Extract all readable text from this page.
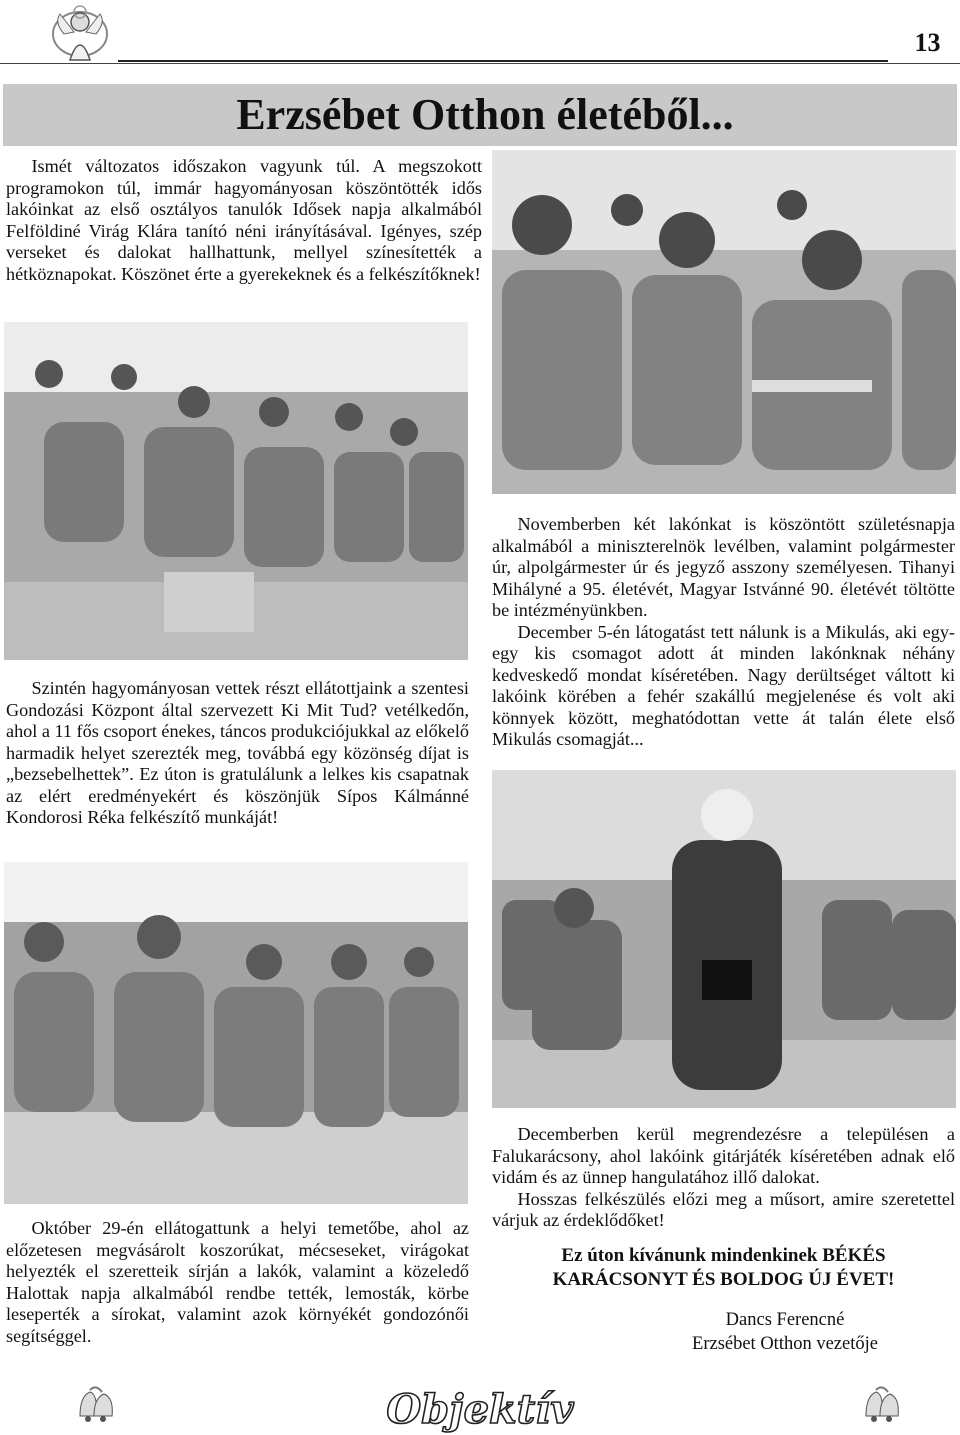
13
Erzsébet Otthon életéből...

Ismét változatos időszakon vagyunk túl. A megszokott programokon túl, immár hagyományosan köszöntötték idős lakóinkat az első osztályos tanulók Idősek napja alkalmából Felföldiné Virág Klára tanító néni irányításával. Igényes, szép verseket és dalokat hallhattunk, mellyel színesítették a hétköznapokat. Köszönet érte a gyerekeknek és a felkészítőknek!

Novemberben két lakónkat is köszöntött születésnapja alkalmából a miniszterelnök levélben, valamint polgármester úr, alpolgármester úr és jegyző asszony személyesen. Tihanyi Mihályné a 95. életévét, Magyar Istvánné 90. életévét töltötte be intézményünkben.

December 5-én látogatást tett nálunk is a Mikulás, aki egy-egy kis csomagot adott át minden lakónknak néhány kedveskedő mondat kíséretében. Nagy derültséget váltott ki lakóink körében a fehér szakállú megjelenése és volt aki könnyek között, meghatódottan vette át talán élete első Mikulás csomagját...

Szintén hagyományosan vettek részt ellátottjaink a szentesi Gondozási Központ által szervezett Ki Mit Tud? vetélkedőn, ahol a 11 fős csoport énekes, táncos produkciójukkal az előkelő harmadik helyet szerezték meg, továbbá egy közönség díjat is „bezsebelhettek”. Ez úton is gratulálunk a lelkes kis csapatnak az elért eredményekért és köszönjük Sípos Kálmánné Kondorosi Réka felkészítő munkáját!

Decemberben kerül megrendezésre a településen a Falukarácsony, ahol lakóink gitárjáték kíséretében adnak elő vidám és az ünnep hangulatához illő dalokat.

Hosszas felkészülés előzi meg a műsort, amire szeretettel várjuk az érdeklődőket!

Ez úton kívánunk mindenkinek BÉKÉS
KARÁCSONYT ÉS BOLDOG ÚJ ÉVET!
Dancs Ferencné
Erzsébet Otthon vezetője

Október 29-én ellátogattunk a helyi temetőbe, ahol az előzetesen megvásárolt koszorúkat, mécseseket, virágokat helyezték el szeretteik sírján a lakók, valamint a közeledő Halottak napja alkalmából rendbe tették, lemosták, körbe leseperték a sírokat, valamint azok környékét gondozónői segítséggel.

Objektív
